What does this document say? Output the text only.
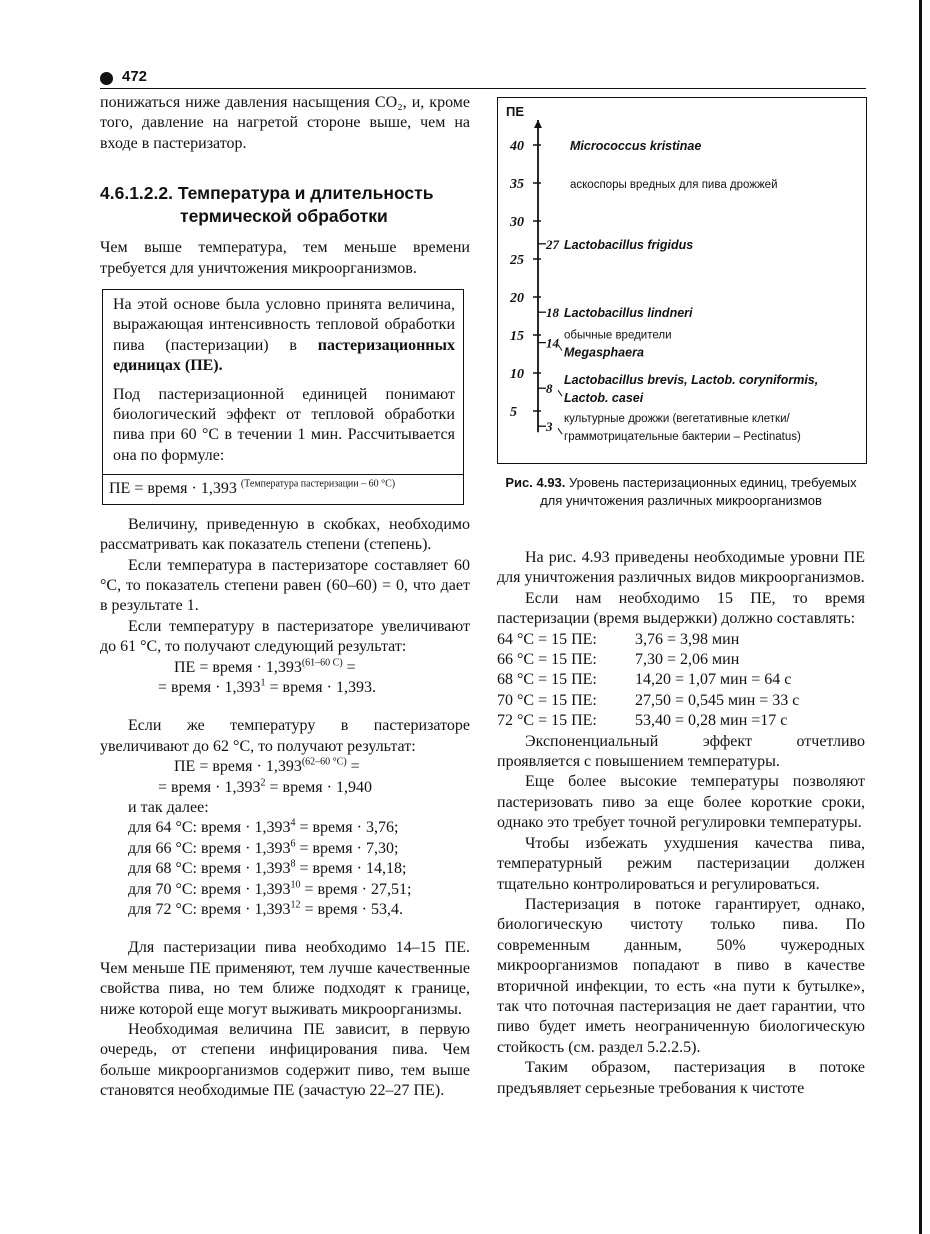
472

понижаться ниже давления насыщения CO₂, и, кроме того, давление на нагретой стороне выше, чем на входе в пастеризатор.

4.6.1.2.2. Температура и длительность
термической обработки

Чем выше температура, тем меньше времени требуется для уничтожения микроорганизмов.

На этой основе была условно принята величина, выражающая интенсивность тепловой обработки пива (пастеризации) в пастеризационных единицах (ПЕ).

Под пастеризационной единицей понимают биологический эффект от тепловой обработки пива при 60 °С в течении 1 мин. Рассчитывается она по формуле:

ПЕ = время · 1,393 $^{(Температура пастеризации - 60 ^\circ С)}$

Величину, приведенную в скобках, необходимо рассматривать как показатель степени (степень).

Если температура в пастеризаторе составляет 60 °С, то показатель степени равен (60–60) = 0, что дает в результате 1.

Если температуру в пастеризаторе увеличивают до 61 °С, то получают следующий результат:

ПЕ = время · $1,393^{(61-60 С)}$ =

= время · $1,393^1$ = время · 1,393.

Если же температуру в пастеризаторе увеличивают до 62 °С, то получают результат:

ПЕ = время · $1,393^{(62-60 ^\circ С)}$ =

= время · $1,393^2$ = время · 1,940

и так далее:

для 64 °С: время · $1,393^4$ = время · 3,76;

для 66 °С: время · $1,393^6$ = время · 7,30;

для 68 °С: время · $1,393^8$ = время · 14,18;

для 70 °С: время · $1,393^{10}$ = время · 27,51;

для 72 °С: время · $1,393^{12}$ = время · 53,4.

Для пастеризации пива необходимо 14–15 ПЕ. Чем меньше ПЕ применяют, тем лучше качественные свойства пива, но тем ближе подходят к границе, ниже которой еще могут выживать микроорганизмы.

Необходимая величина ПЕ зависит, в первую очередь, от степени инфицирования пива. Чем больше микроорганизмов содержит пиво, тем выше становятся необходимые ПЕ (зачастую 22–27 ПЕ).

ПЕ
40
35
30
25
20
15
10
5
Micrococcus kristinae
аскоспоры вредных для пива дрожжей
27 Lactobacillus frigidus
18 Lactobacillus lindneri
14 обычные вредители
Megasphaera
8
Lactobacillus brevis, Lactob. coryniformis,
Lactob. casei
3 культурные дрожжи (вегетативные клетки/
граммотрицательные бактерии – Pectinatus)
Рис. 4.93. Уровень пастеризационных единиц, требуемых для уничтожения различных микроорганизмов

На рис. 4.93 приведены необходимые уровни ПЕ для уничтожения различных видов микроорганизмов.

Если нам необходимо 15 ПЕ, то время пастеризации (время выдержки) должно составлять:

64 °С = 15 ПЕ:	3,76 = 3,98 мин
66 °С = 15 ПЕ:	7,30 = 2,06 мин
68 °С = 15 ПЕ:	14,20 = 1,07 мин = 64 с
70 °С = 15 ПЕ:	27,50 = 0,545 мин = 33 с
72 °С = 15 ПЕ:	53,40 = 0,28 мин =17 с

Экспоненциальный эффект отчетливо проявляется с повышением температуры.

Еще более высокие температуры позволяют пастеризовать пиво за еще более короткие сроки, однако это требует точной регулировки температуры.

Чтобы избежать ухудшения качества пива, температурный режим пастеризации должен тщательно контролироваться и регулироваться.

Пастеризация в потоке гарантирует, однако, биологическую чистоту только пива. По современным данным, 50% чужеродных микроорганизмов попадают в пиво в качестве вторичной инфекции, то есть «на пути к бутылке», так что поточная пастеризация не дает гарантии, что пиво будет иметь неограниченную биологическую стойкость (см. раздел 5.2.2.5).

Таким образом, пастеризация в потоке предъявляет серьезные требования к чистоте
